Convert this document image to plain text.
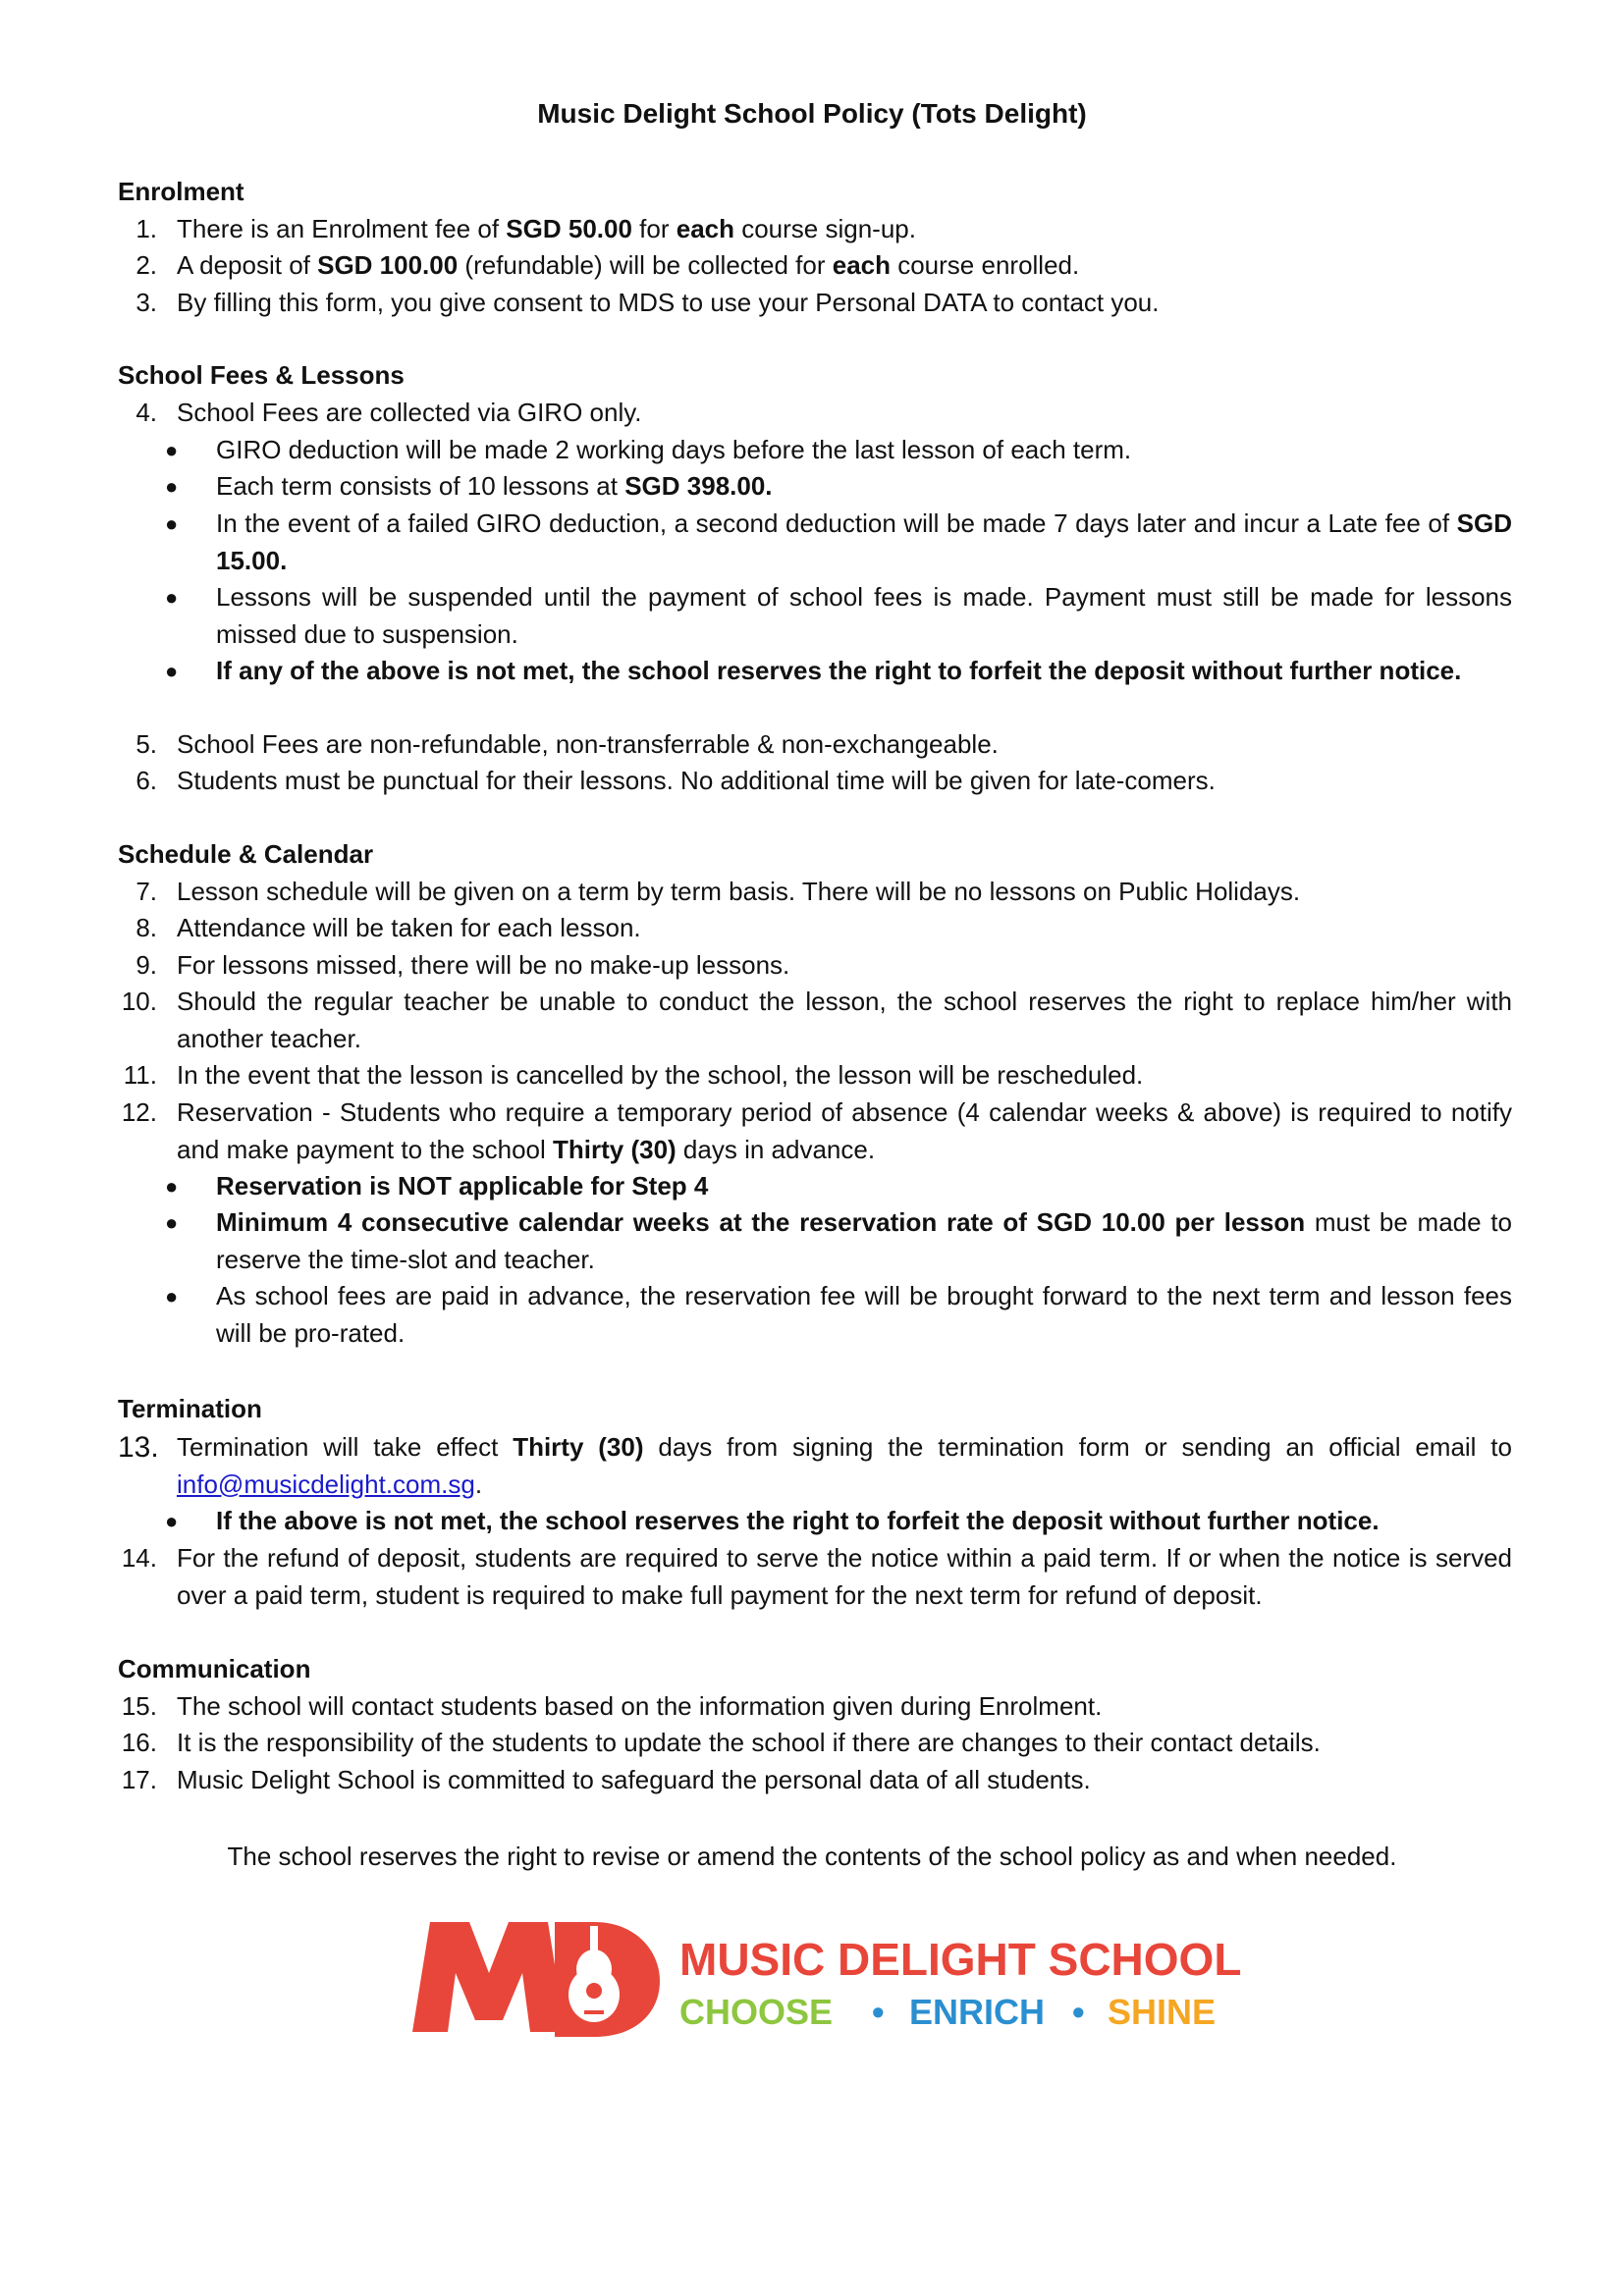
Music Delight School Policy (Tots Delight)
Enrolment
1. There is an Enrolment fee of SGD 50.00 for each course sign-up.
2. A deposit of SGD 100.00 (refundable) will be collected for each course enrolled.
3. By filling this form, you give consent to MDS to use your Personal DATA to contact you.
School Fees & Lessons
4. School Fees are collected via GIRO only.
● GIRO deduction will be made 2 working days before the last lesson of each term.
● Each term consists of 10 lessons at SGD 398.00.
● In the event of a failed GIRO deduction, a second deduction will be made 7 days later and incur a Late fee of SGD 15.00.
● Lessons will be suspended until the payment of school fees is made. Payment must still be made for lessons missed due to suspension.
● If any of the above is not met, the school reserves the right to forfeit the deposit without further notice.
5. School Fees are non-refundable, non-transferrable & non-exchangeable.
6. Students must be punctual for their lessons. No additional time will be given for late-comers.
Schedule & Calendar
7. Lesson schedule will be given on a term by term basis. There will be no lessons on Public Holidays.
8. Attendance will be taken for each lesson.
9. For lessons missed, there will be no make-up lessons.
10. Should the regular teacher be unable to conduct the lesson, the school reserves the right to replace him/her with another teacher.
11. In the event that the lesson is cancelled by the school, the lesson will be rescheduled.
12. Reservation - Students who require a temporary period of absence (4 calendar weeks & above) is required to notify and make payment to the school Thirty (30) days in advance.
● Reservation is NOT applicable for Step 4
● Minimum 4 consecutive calendar weeks at the reservation rate of SGD 10.00 per lesson must be made to reserve the time-slot and teacher.
● As school fees are paid in advance, the reservation fee will be brought forward to the next term and lesson fees will be pro-rated.
Termination
13. Termination will take effect Thirty (30) days from signing the termination form or sending an official email to info@musicdelight.com.sg.
● If the above is not met, the school reserves the right to forfeit the deposit without further notice.
14. For the refund of deposit, students are required to serve the notice within a paid term. If or when the notice is served over a paid term, student is required to make full payment for the next term for refund of deposit.
Communication
15. The school will contact students based on the information given during Enrolment.
16. It is the responsibility of the students to update the school if there are changes to their contact details.
17. Music Delight School is committed to safeguard the personal data of all students.
The school reserves the right to revise or amend the contents of the school policy as and when needed.
MUSIC DELIGHT SCHOOL
CHOOSE • ENRICH • SHINE
